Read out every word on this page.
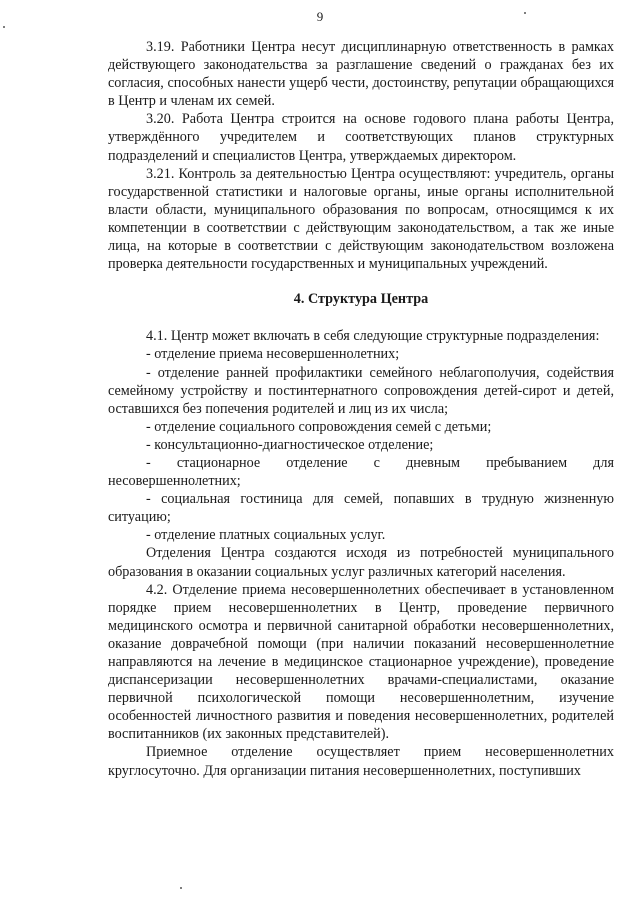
9

3.19. Работники Центра несут дисциплинарную ответственность в рамках действующего законодательства за разглашение сведений о гражданах без их согласия, способных нанести ущерб чести, достоинству, репутации обращающихся в Центр и членам их семей.

3.20. Работа Центра строится на основе годового плана работы Центра, утверждённого учредителем и соответствующих планов структурных подразделений и специалистов Центра, утверждаемых директором.

3.21. Контроль за деятельностью Центра осуществляют: учредитель, органы государственной статистики и налоговые органы, иные органы исполнительной власти области, муниципального образования по вопросам, относящимся к их компетенции в соответствии с действующим законодательством, а так же иные лица, на которые в соответствии с действующим законодательством возложена проверка деятельности государственных и муниципальных учреждений.

4. Структура Центра

4.1. Центр может включать в себя следующие структурные подразделения:

- отделение приема несовершеннолетних;

- отделение ранней профилактики семейного неблагополучия, содействия семейному устройству и постинтернатного сопровождения детей-сирот и детей, оставшихся без попечения родителей и лиц из их числа;

- отделение социального сопровождения семей с детьми;

- консультационно-диагностическое отделение;

- стационарное отделение с дневным пребыванием для несовершеннолетних;

- социальная гостиница для семей, попавших в трудную жизненную ситуацию;

- отделение платных социальных услуг.

Отделения Центра создаются исходя из потребностей муниципального образования в оказании социальных услуг различных категорий населения.

4.2. Отделение приема несовершеннолетних обеспечивает в установленном порядке прием несовершеннолетних в Центр, проведение первичного медицинского осмотра и первичной санитарной обработки несовершеннолетних, оказание доврачебной помощи (при наличии показаний несовершеннолетние направляются на лечение в медицинское стационарное учреждение), проведение диспансеризации несовершеннолетних врачами-специалистами, оказание первичной психологической помощи несовершеннолетним, изучение особенностей личностного развития и поведения несовершеннолетних, родителей воспитанников (их законных представителей).

Приемное отделение осуществляет прием несовершеннолетних круглосуточно. Для организации питания несовершеннолетних, поступивших
